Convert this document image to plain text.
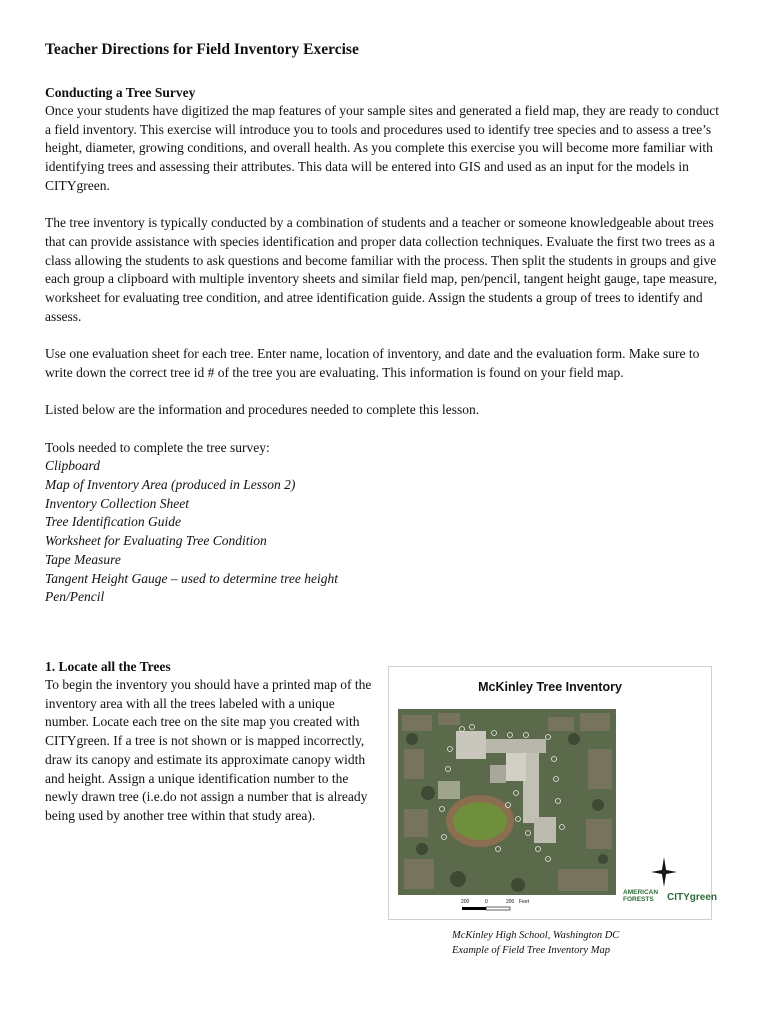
Teacher Directions for Field Inventory Exercise
Conducting a Tree Survey

Once your students have digitized the map features of your sample sites and generated a field map, they are ready to conduct a field inventory. This exercise will introduce you to tools and procedures used to identify tree species and to assess a tree’s height, diameter, growing conditions, and overall health. As you complete this exercise you will become more familiar with identifying trees and assessing their attributes. This data will be entered into GIS and used as an input for the models in CITYgreen.

The tree inventory is typically conducted by a combination of students and a teacher or someone knowledgeable about trees that can provide assistance with species identification and proper data collection techniques. Evaluate the first two trees as a class allowing the students to ask questions and become familiar with the process. Then split the students in groups and give each group a clipboard with multiple inventory sheets and similar field map, pen/pencil, tangent height gauge, tape measure, worksheet for evaluating tree condition, and atree identification guide. Assign the students a group of trees to identify and assess.

Use one evaluation sheet for each tree. Enter name, location of inventory, and date and the evaluation form. Make sure to write down the correct tree id # of the tree you are evaluating. This information is found on your field map.

Listed below are the information and procedures needed to complete this lesson.

Tools needed to complete the tree survey:

Clipboard
Map of Inventory Area (produced in Lesson 2)
Inventory Collection Sheet
Tree Identification Guide
Worksheet for Evaluating Tree Condition
Tape Measure
Tangent Height Gauge – used to determine tree height
Pen/Pencil
1. Locate all the Trees

To begin the inventory you should have a printed map of the inventory area with all the trees labeled with a unique number. Locate each tree on the site map you created with CITYgreen. If a tree is not shown or is mapped incorrectly, draw its canopy and estimate its approximate canopy width and height. Assign a unique identification number to the newly drawn tree (i.e.do not assign a number that is already being used by another tree within that study area).

McKinley Tree Inventory
200	0	200 Feet
AMERICAN
FORESTS	CITYgreen
McKinley High School, Washington DC
Example of Field Tree Inventory Map
